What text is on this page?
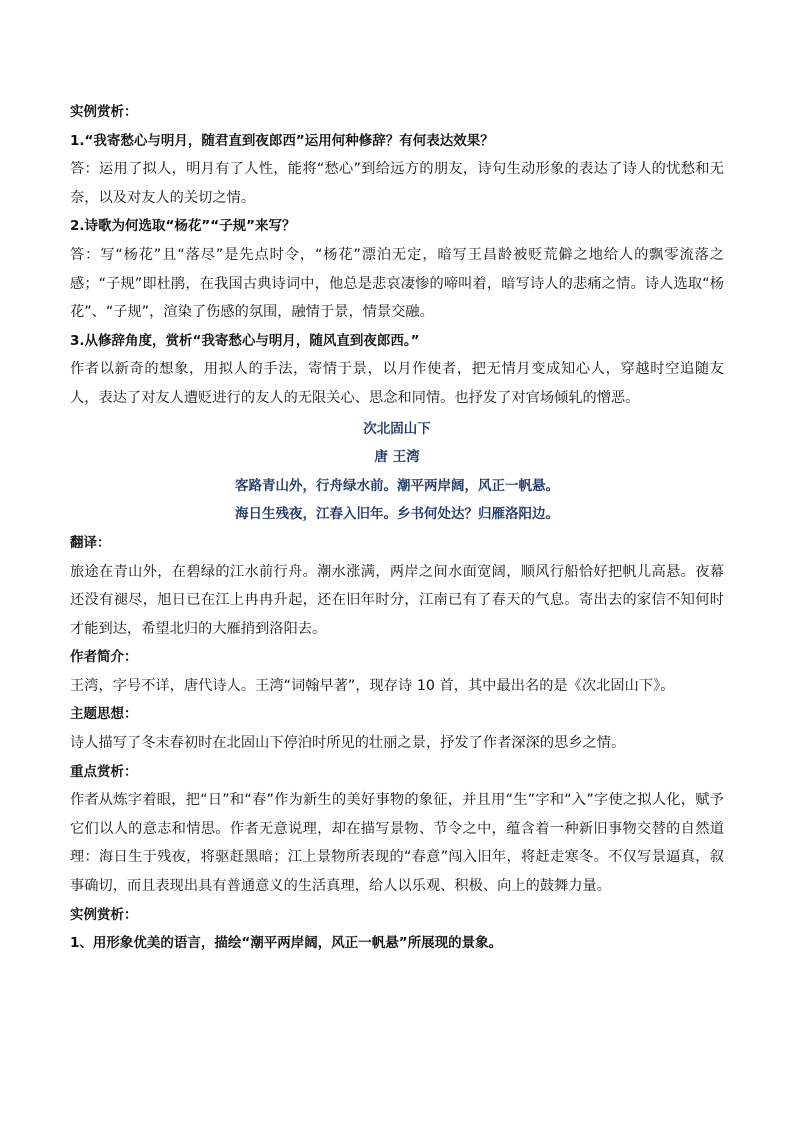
实例赏析：

1.“我寄愁心与明月，随君直到夜郎西”运用何种修辞？有何表达效果？

答：运用了拟人，明月有了人性，能将“愁心”到给远方的朋友，诗句生动形象的表达了诗人的忧愁和无奈，以及对友人的关切之情。

2.诗歌为何选取“杨花”“子规”来写？

答：写“杨花”且“落尽”是先点时令，“杨花”漂泊无定，暗写王昌龄被贬荒僻之地给人的飘零流落之感；“子规”即杜鹃，在我国古典诗词中，他总是悲哀凄惨的啼叫着，暗写诗人的悲痛之情。诗人选取“杨花”、“子规”，渲染了伤感的氛围，融情于景，情景交融。

3.从修辞角度，赏析“我寄愁心与明月，随风直到夜郎西。”

作者以新奇的想象，用拟人的手法，寄情于景，以月作使者，把无情月变成知心人，穿越时空追随友人，表达了对友人遭贬进行的友人的无限关心、思念和同情。也抒发了对官场倾轧的憎恶。

次北固山下

唐 王湾

客路青山外，行舟绿水前。潮平两岸阔，风正一帆悬。

海日生残夜，江春入旧年。乡书何处达？归雁洛阳边。

翻译：

旅途在青山外，在碧绿的江水前行舟。潮水涨满，两岸之间水面宽阔，顺风行船恰好把帆儿高悬。夜幕还没有褪尽，旭日已在江上冉冉升起，还在旧年时分，江南已有了春天的气息。寄出去的家信不知何时才能到达，希望北归的大雁捎到洛阳去。

作者简介：

王湾，字号不详，唐代诗人。王湾“词翰早著”，现存诗 10 首，其中最出名的是《次北固山下》。

主题思想：

诗人描写了冬末春初时在北固山下停泊时所见的壮丽之景，抒发了作者深深的思乡之情。

重点赏析：

作者从炼字着眼，把“日”和“春”作为新生的美好事物的象征，并且用“生”字和“入”字使之拟人化，赋予它们以人的意志和情思。作者无意说理，却在描写景物、节令之中，蕴含着一种新旧事物交替的自然道理：海日生于残夜，将驱赶黑暗；江上景物所表现的“春意”闯入旧年，将赶走寒冬。不仅写景逼真，叙事确切，而且表现出具有普通意义的生活真理，给人以乐观、积极、向上的鼓舞力量。

实例赏析：

1、用形象优美的语言，描绘“潮平两岸阔，风正一帆悬”所展现的景象。
